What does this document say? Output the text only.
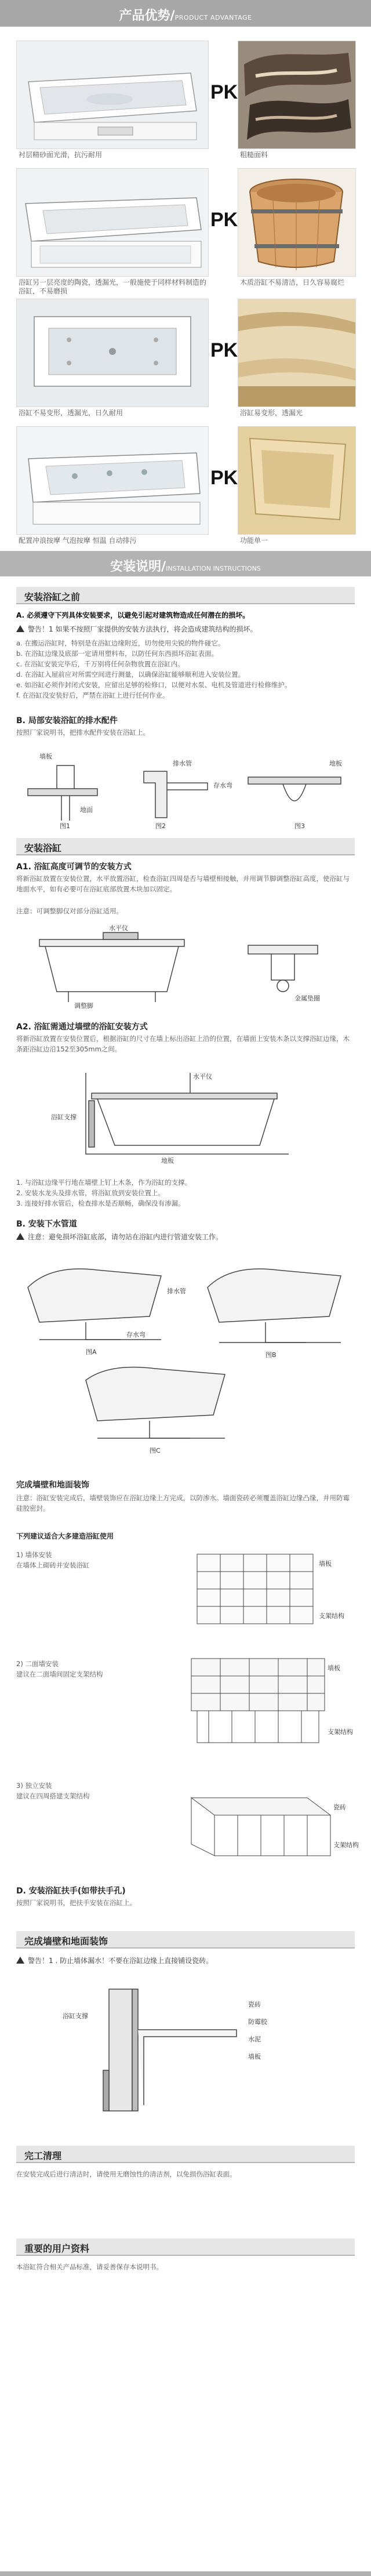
产品优势/PRODUCT ADVANTAGE
PK
衬层精砂面光滑，抗污耐用	粗糙面料
PK
浴缸另一层亮度的陶瓷，透漏光，一般施使于同样材料制造的浴缸，不易磨损
木质浴缸不易清洁，日久容易腐烂
PK
浴缸不易变形，透漏光，日久耐用	浴缸易变形，透漏光
PK
配置冲浪按摩 气泡按摩 恒温 自动排污	功能单一
安装说明/INSTALLATION INSTRUCTIONS
安装浴缸之前
A. 必须遵守下列具体安装要求，以避免引起对建筑物造成任何潜在的损坏。
警告！1 如果不按照厂家提供的安装方法执行，将会造成建筑结构的损坏。
a. 在搬运浴缸时，特别是在浴缸边缘附近，切勿使用尖锐的物件碰它。
b. 在浴缸边缘及底部一定请用塑料布，以防任何东西损坏浴缸表面。
c. 在浴缸安装完毕后，千万别将任何杂物放置在浴缸内。
d. 在浴缸入屋前应对所需空间进行测量，以确保浴缸能够顺利进入安装位置。
e. 如浴缸必须作封闭式安装，应留出足够的检修口，以便对水泵、电机及管道进行检修维护。
f. 在浴缸没安装好后，严禁在浴缸上进行任何作业。
B. 局部安装浴缸的排水配件
按照厂家说明书，把排水配件安装在浴缸上。
墙板
地面
排水管
存水弯
地板
图1	图2	图3
安装浴缸
A1. 浴缸高度可调节的安装方式
将新浴缸放置在安装位置，水平放置浴缸，检查浴缸四周是否与墙壁相接触，并用调节脚调整浴缸高度，使浴缸与地面水平，如有必要可在浴缸底部放置木块加以固定。
注意：可调整脚仅对部分浴缸适用。
水平仪
调整脚
金属垫圈
A2. 浴缸需通过墙壁的浴缸安装方式
将新浴缸放置在安装位置后，根据浴缸的尺寸在墙上标出浴缸上沿的位置，在墙面上安装木条以支撑浴缸边缘，木条距浴缸边沿152至305mm之间。
水平仪
浴缸支撑
地板
1. 与浴缸边缘平行地在墙壁上钉上木条，作为浴缸的支撑。
2. 安装水龙头及排水管，将浴缸放到安装位置上。
3. 连接好排水管后，检查排水是否顺畅，确保没有渗漏。
B. 安装下水管道
注意：避免损坏浴缸底部，请勿站在浴缸内进行管道安装工作。
排水管
存水弯
图A	图B
图C
完成墙壁和地面装饰
注意：浴缸安装完成后，墙壁装饰应在浴缸边缘上方完成，以防渗水。墙面瓷砖必须覆盖浴缸边缘凸缘，并用防霉硅胶密封。
下列建议适合大多建造浴缸使用
1) 墙体安装
在墙体上砌砖并安装浴缸	墙板
支架结构
2) 二面墙安装
建议在二面墙间固定支架结构
墙板
支架结构
3) 独立安装
建议在四周搭建支架结构
瓷砖
支架结构
D. 安装浴缸扶手(如带扶手孔)
按照厂家说明书，把扶手安装在浴缸上。
完成墙壁和地面装饰
警告！1 . 防止墙体漏水！不要在浴缸边缘上直接铺设瓷砖。
瓷砖
防霉胶
水泥
墙板
浴缸支撑
完工清理
在安装完成后进行清洁时，请使用无磨蚀性的清洁剂，以免损伤浴缸表面。
重要的用户资料
本浴缸符合相关产品标准，请妥善保存本说明书。
